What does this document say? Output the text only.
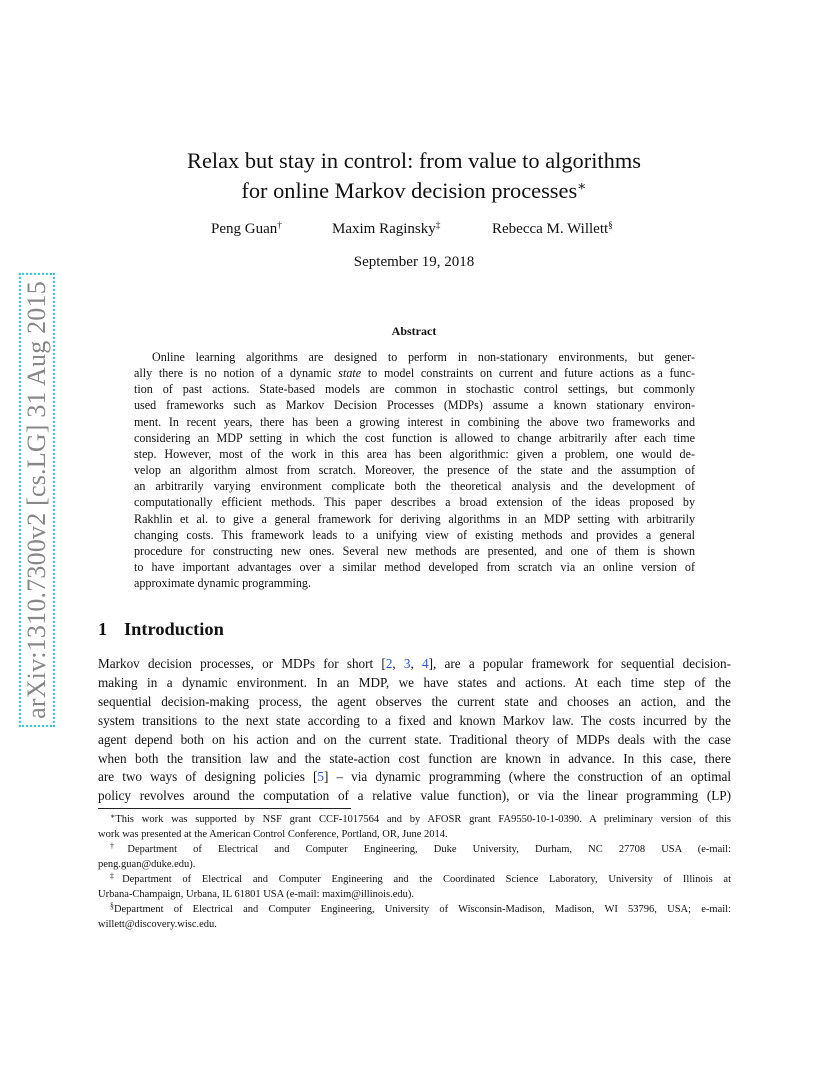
arXiv:1310.7300v2 [cs.LG] 31 Aug 2015
Relax but stay in control: from value to algorithms
for online Markov decision processes∗
Peng Guan†	Maxim Raginsky‡	Rebecca M. Willett§
September 19, 2018
Abstract
Online learning algorithms are designed to perform in non-stationary environments, but gener-
ally there is no notion of a dynamic state to model constraints on current and future actions as a func-
tion of past actions. State-based models are common in stochastic control settings, but commonly
used frameworks such as Markov Decision Processes (MDPs) assume a known stationary environ-
ment. In recent years, there has been a growing interest in combining the above two frameworks and
considering an MDP setting in which the cost function is allowed to change arbitrarily after each time
step. However, most of the work in this area has been algorithmic: given a problem, one would de-
velop an algorithm almost from scratch. Moreover, the presence of the state and the assumption of
an arbitrarily varying environment complicate both the theoretical analysis and the development of
computationally efficient methods. This paper describes a broad extension of the ideas proposed by
Rakhlin et al. to give a general framework for deriving algorithms in an MDP setting with arbitrarily
changing costs. This framework leads to a unifying view of existing methods and provides a general
procedure for constructing new ones. Several new methods are presented, and one of them is shown
to have important advantages over a similar method developed from scratch via an online version of
approximate dynamic programming.
1 Introduction
Markov decision processes, or MDPs for short [2, 3, 4], are a popular framework for sequential decision-
making in a dynamic environment. In an MDP, we have states and actions. At each time step of the
sequential decision-making process, the agent observes the current state and chooses an action, and the
system transitions to the next state according to a fixed and known Markov law. The costs incurred by the
agent depend both on his action and on the current state. Traditional theory of MDPs deals with the case
when both the transition law and the state-action cost function are known in advance. In this case, there
are two ways of designing policies [5] – via dynamic programming (where the construction of an optimal
policy revolves around the computation of a relative value function), or via the linear programming (LP)
∗This work was supported by NSF grant CCF-1017564 and by AFOSR grant FA9550-10-1-0390. A preliminary version of this
work was presented at the American Control Conference, Portland, OR, June 2014.
†Department of Electrical and Computer Engineering, Duke University, Durham, NC 27708 USA (e-mail:
peng.guan@duke.edu).
‡Department of Electrical and Computer Engineering and the Coordinated Science Laboratory, University of Illinois at
Urbana-Champaign, Urbana, IL 61801 USA (e-mail: maxim@illinois.edu).
§Department of Electrical and Computer Engineering, University of Wisconsin-Madison, Madison, WI 53796, USA; e-mail:
willett@discovery.wisc.edu.
